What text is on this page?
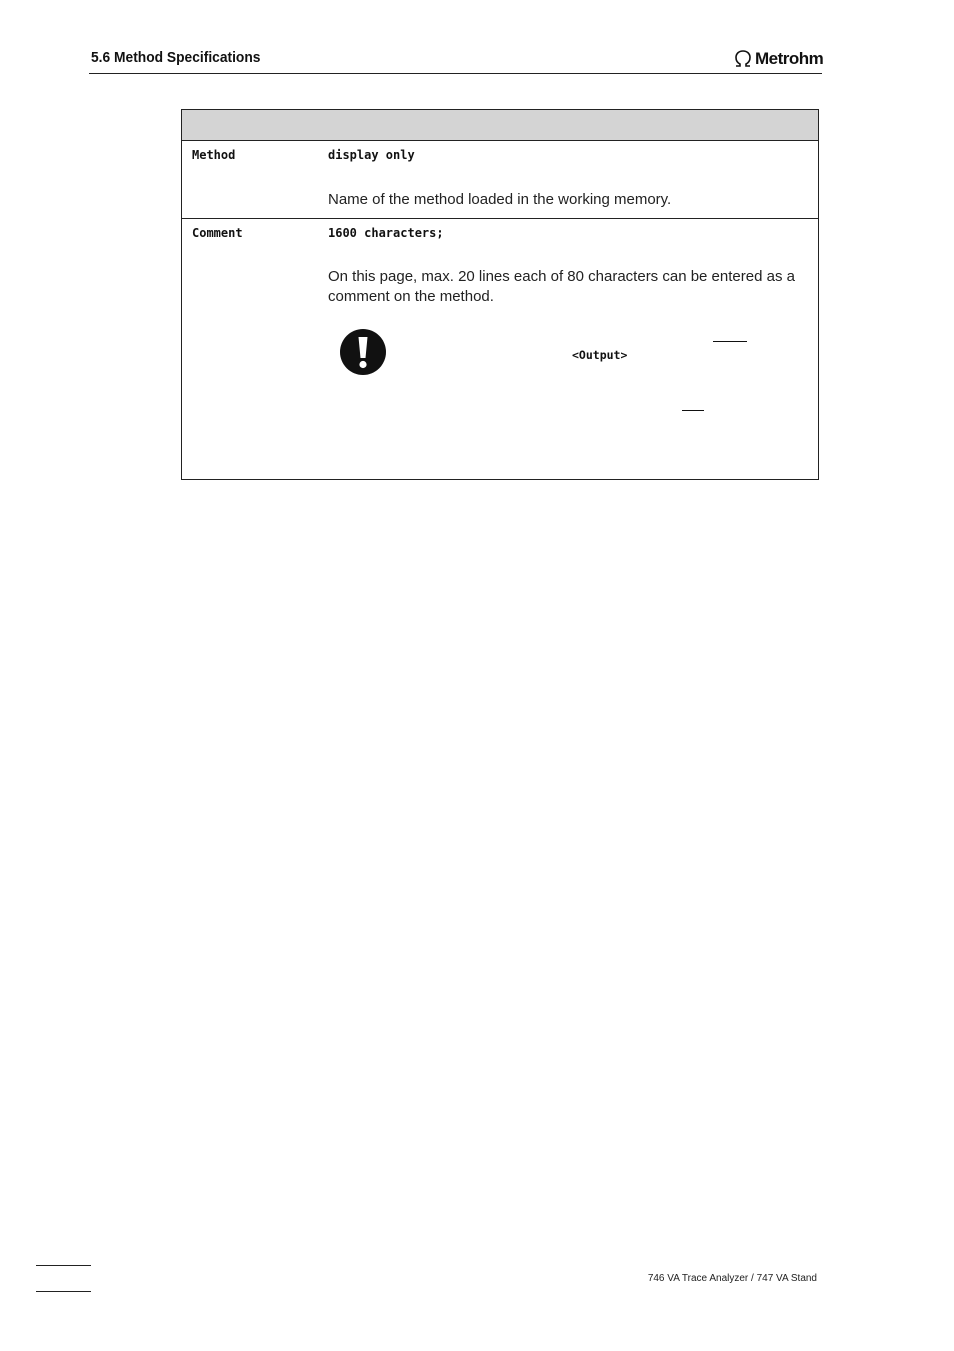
5.6 Method Specifications	Metrohm
Method	display only
Name of the method loaded in the working memory.
Comment	1600 characters;
On this page, max. 20 lines each of 80 characters can be entered as a comment on the method.
<Output>
746 VA Trace Analyzer / 747 VA Stand
